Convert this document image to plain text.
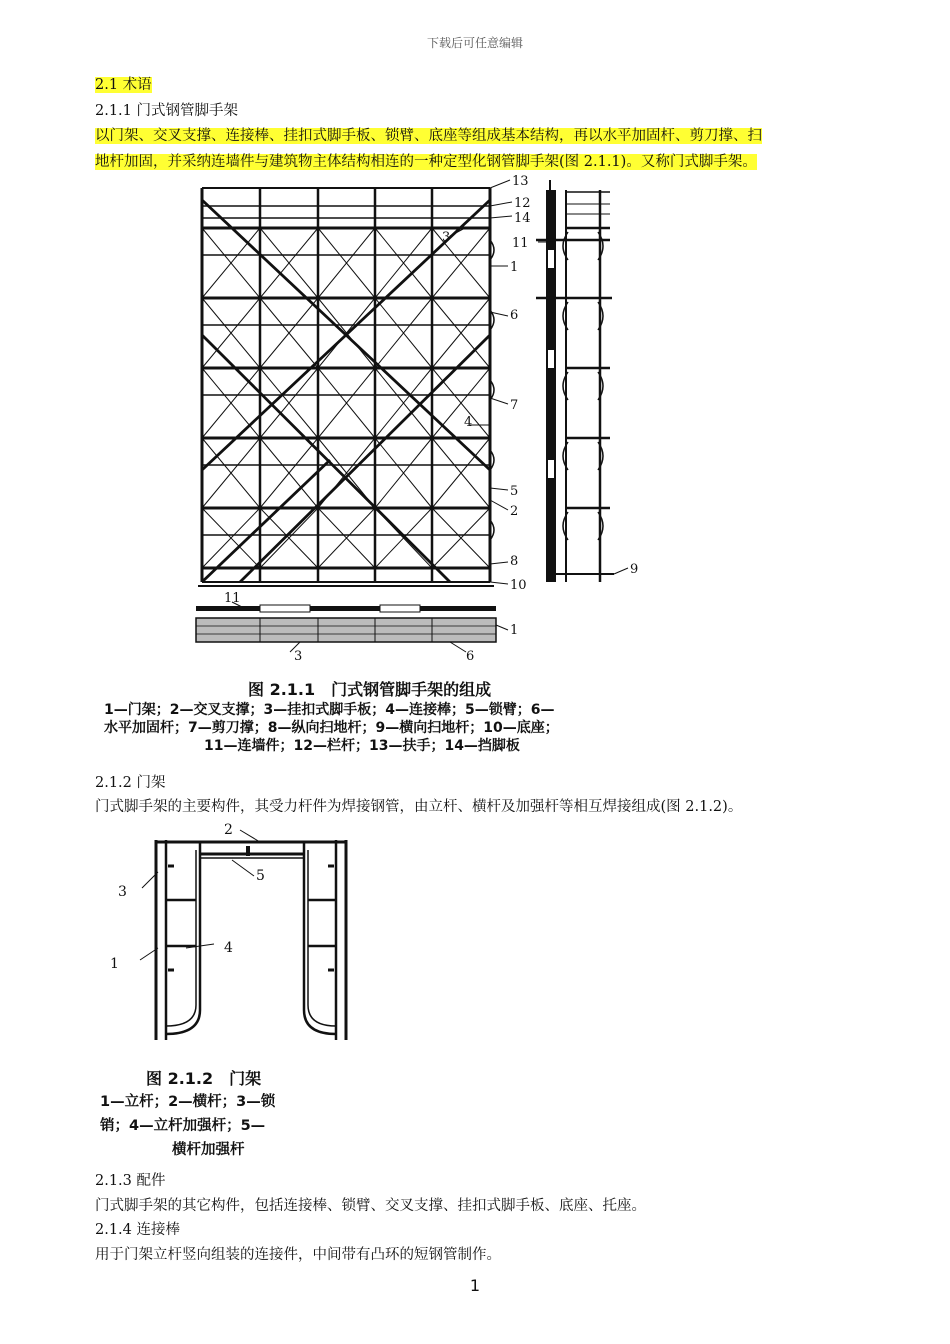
下载后可任意编辑
2.1 术语
2.1.1 门式钢管脚手架
以门架、交叉支撑、连接棒、挂扣式脚手板、锁臂、底座等组成基本结构，再以水平加固杆、剪刀撑、扫
地杆加固，并采纳连墙件与建筑物主体结构相连的一种定型化钢管脚手架(图 2.1.1)。又称门式脚手架。
13
12
14
3
1
6
7
4
5
2
8
10
11
9
11
1
3	6
图 2.1.1　门式钢管脚手架的组成
1—门架；2—交叉支撑；3—挂扣式脚手板；4—连接棒；5—锁臂；6—
水平加固杆；7—剪刀撑；8—纵向扫地杆；9—横向扫地杆；10—底座；
11—连墙件；12—栏杆；13—扶手；14—挡脚板
2.1.2 门架
门式脚手架的主要构件，其受力杆件为焊接钢管，由立杆、横杆及加强杆等相互焊接组成(图 2.1.2)。
2
5
3
4
1
图 2.1.2　门架
1—立杆；2—横杆；3—锁
销；4—立杆加强杆；5—
横杆加强杆
2.1.3 配件
门式脚手架的其它构件，包括连接棒、锁臂、交叉支撑、挂扣式脚手板、底座、托座。
2.1.4 连接棒
用于门架立杆竖向组装的连接件，中间带有凸环的短钢管制作。
1
